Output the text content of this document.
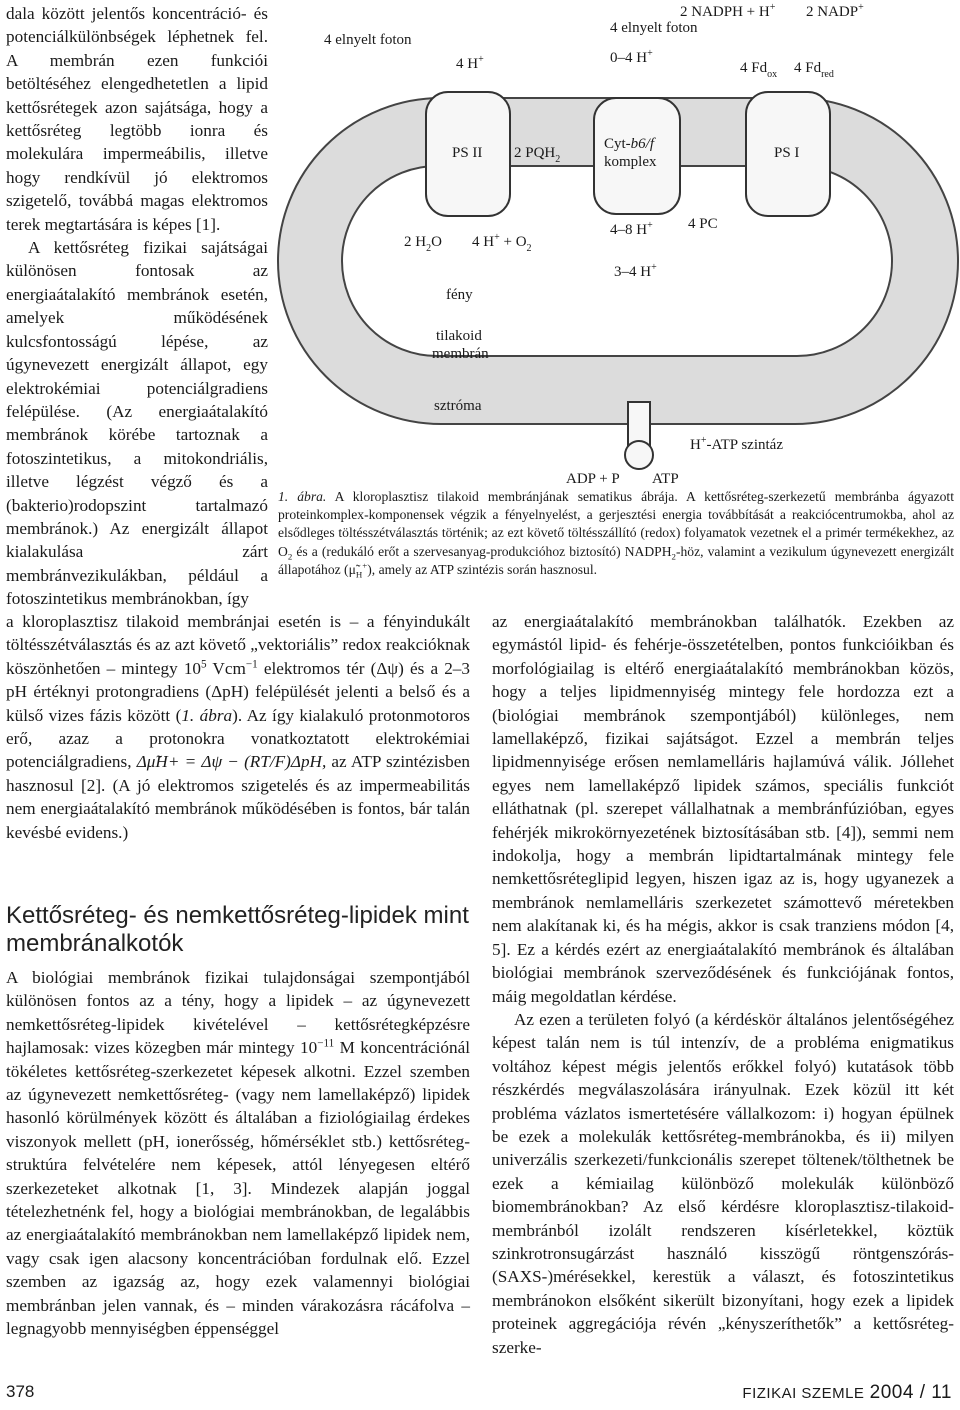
dala között jelentős koncentráció- és potenciálkülönbségek léphetnek fel. A membrán ezen funkciói betöltéséhez elengedhetetlen a lipid kettősrétegek azon sajátsága, hogy a kettősréteg legtöbb ionra és molekulára impermeábilis, illetve hogy rendkívül jó elektromos szigetelő, továbbá magas elektromos terek megtartására is képes [1].

A kettősréteg fizikai sajátságai különösen fontosak az energiaátalakító membránok esetén, amelyek működésének kulcsfontosságú lépése, az úgynevezett energizált állapot, egy elektrokémiai potenciálgradiens felépülése. (Az energiaátalakító membránok körébe tartoznak a fotoszintetikus, a mitokondriális, illetve légzést végző és a (bakterio)rodopszint tartalmazó membránok.) Az energizált állapot kialakulása zárt membránvezikulákban, például a fotoszintetikus membránokban, így

4 elnyelt foton
4 elnyelt foton
4 H+
2 NADPH + H+ 2 NADP+
0–4 H+
4 $Fd_{ox}$ 4 $Fd_{red}$
PS II 2 $PQH_2$
Cyt-b6/f
komplex
PS I
2 $H_2O$ 4 $H^+ + O_2$
4–8 H+ 4 PC
3–4 H+
fény
tilakoid
membrán
sztróma
H+-ATP szintáz
ADP + P ATP
1. ábra. A kloroplasztisz tilakoid membránjának sematikus ábrája. A kettősréteg-szerkezetű membránba ágyazott proteinkomplex-komponensek végzik a fényelnyelést, a gerjesztési energia továbbítását a reakciócentrumokba, ahol az elsődleges töltésszétválasztás történik; az ezt követő töltésszállító (redox) folyamatok vezetnek el a primér termékekhez, az $O_2$ és a (redukáló erőt a szervesanyag-produkcióhoz biztosító) $NADPH_2$-höz, valamint a vezikulum úgynevezett energizált állapotához $(\mũ_H^+)$, amely az ATP szintézis során hasznosul.

a kloroplasztisz tilakoid membránjai esetén is – a fényindukált töltésszétválasztás és az azt követő „vektoriális” redox reakcióknak köszönhetően – mintegy $10^5$ Vcm$^{-1}$ elektromos tér (Δψ) és a 2–3 pH értéknyi protongradiens (ΔpH) felépülését jelenti a belső és a külső vizes fázis között (1. ábra). Az így kialakuló protonmotoros erő, azaz a protonokra vonatkoztatott elektrokémiai potenciálgradiens, Δμ̃H+ = Δψ − (RT/F)ΔpH, az ATP szintézisben hasznosul [2]. (A jó elektromos szigetelés és az impermeabilitás nem energiaátalakító membránok működésében is fontos, bár talán kevésbé evidens.)

Kettősréteg- és nemkettősréteg-lipidek mint membránalkotók

A biológiai membránok fizikai tulajdonságai szempontjából különösen fontos az a tény, hogy a lipidek – az úgynevezett nemkettősréteg-lipidek kivételével – kettősrétegképzésre hajlamosak: vizes közegben már mintegy $10^{-11}$ M koncentrációnál tökéletes kettősréteg-szerkezetet képesek alkotni. Ezzel szemben az úgynevezett nemkettősréteg- (vagy nem lamellaképző) lipidek hasonló körülmények között és általában a fiziológiailag érdekes viszonyok mellett (pH, ionerősség, hőmérséklet stb.) kettősréteg-struktúra felvételére nem képesek, attól lényegesen eltérő szerkezeteket alkotnak [1, 3]. Mindezek alapján joggal tételezhetnénk fel, hogy a biológiai membránokban, de legalábbis az energiaátalakító membránokban nem lamellaképző lipidek nem, vagy csak igen alacsony koncentrációban fordulnak elő. Ezzel szemben az igazság az, hogy ezek valamennyi biológiai membránban jelen vannak, és – minden várakozásra rácáfolva – legnagyobb mennyiségben éppenséggel

az energiaátalakító membránokban találhatók. Ezekben az egymástól lipid- és fehérje-összetételben, pontos funkcióikban és morfológiailag is eltérő energiaátalakító membránokban közös, hogy a teljes lipidmennyiség mintegy fele hordozza ezt a (biológiai membránok szempontjából) különleges, nem lamellaképző, fizikai sajátságot. Ezzel a membrán teljes lipidmennyisége erősen nemlamelláris hajlamúvá válik. Jóllehet egyes nem lamellaképző lipidek számos, speciális funkciót elláthatnak (pl. szerepet vállalhatnak a membránfúzióban, egyes fehérjék mikrokörnyezetének biztosításában stb. [4]), semmi nem indokolja, hogy a membrán lipidtartalmának mintegy fele nemkettősréteglipid legyen, hiszen igaz az is, hogy ugyanezek a membránok nemlamelláris szerkezetet számottevő méretekben nem alakítanak ki, és ha mégis, akkor is csak tranziens módon [4, 5]. Ez a kérdés ezért az energiaátalakító membránok és általában biológiai membránok szerveződésének és funkciójának fontos, máig megoldatlan kérdése.

Az ezen a területen folyó (a kérdéskör általános jelentőségéhez képest talán nem is túl intenzív, de a probléma enigmatikus voltához képest mégis jelentős erőkkel folyó) kutatások több részkérdés megválaszolására irányulnak. Ezek közül itt két probléma vázlatos ismertetésére vállalkozom: i) hogyan épülnek be ezek a molekulák kettősréteg-membránokba, és ii) milyen univerzális szerkezeti/funkcionális szerepet töltenek/tölthetnek be ezek a kémiailag különböző molekulák különböző biomembránokban? Az első kérdésre kloroplasztisz-tilakoid-membránból izolált rendszeren kísérletekkel, köztük szinkrotronsugárzást használó kisszögű röntgenszórás- (SAXS-)mérésekkel, kerestük a választ, és fotoszintetikus membránokon elsőként sikerült bizonyítani, hogy ezek a lipidek proteinek aggregációja révén „kényszeríthetők” a kettősréteg-szerke-

378	FIZIKAI SZEMLE 2004 / 11
